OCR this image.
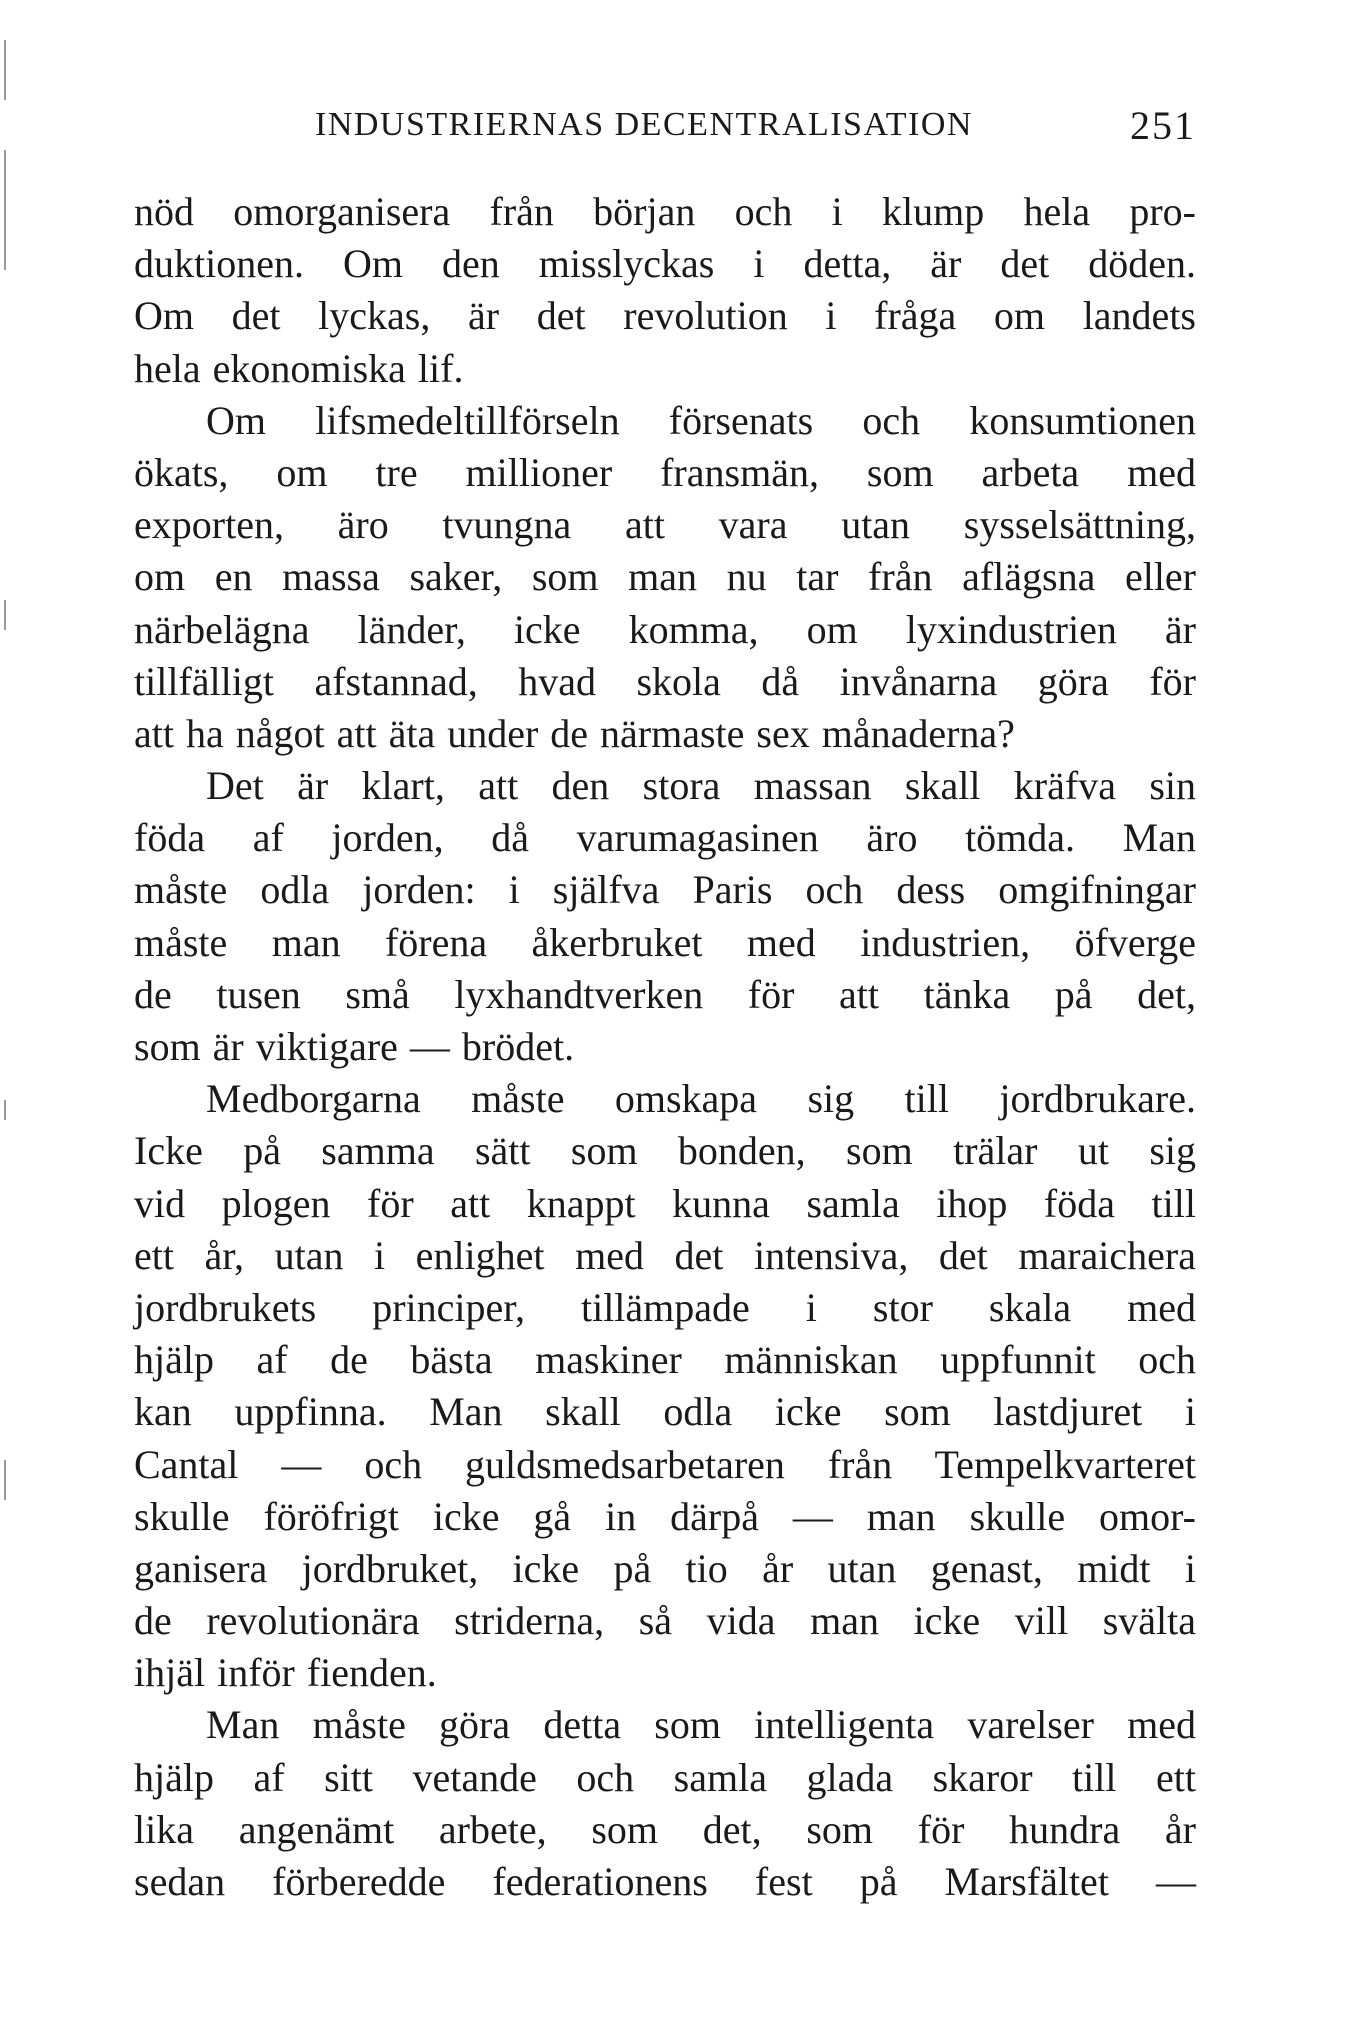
INDUSTRIERNAS DECENTRALISATION	251
nöd omorganisera från början och i klump hela pro-
duktionen. Om den misslyckas i detta, är det döden.
Om det lyckas, är det revolution i fråga om landets
hela ekonomiska lif.
Om lifsmedeltillförseln försenats och konsumtionen
ökats, om tre millioner fransmän, som arbeta med
exporten, äro tvungna att vara utan sysselsättning,
om en massa saker, som man nu tar från aflägsna eller
närbelägna länder, icke komma, om lyxindustrien är
tillfälligt afstannad, hvad skola då invånarna göra för
att ha något att äta under de närmaste sex månaderna?
Det är klart, att den stora massan skall kräfva sin
föda af jorden, då varumagasinen äro tömda. Man
måste odla jorden: i själfva Paris och dess omgifningar
måste man förena åkerbruket med industrien, öfverge
de tusen små lyxhandtverken för att tänka på det,
som är viktigare — brödet.
Medborgarna måste omskapa sig till jordbrukare.
Icke på samma sätt som bonden, som trälar ut sig
vid plogen för att knappt kunna samla ihop föda till
ett år, utan i enlighet med det intensiva, det maraichera
jordbrukets principer, tillämpade i stor skala med
hjälp af de bästa maskiner människan uppfunnit och
kan uppfinna. Man skall odla icke som lastdjuret i
Cantal — och guldsmedsarbetaren från Tempelkvarteret
skulle föröfrigt icke gå in därpå — man skulle omor-
ganisera jordbruket, icke på tio år utan genast, midt i
de revolutionära striderna, så vida man icke vill svälta
ihjäl inför fienden.
Man måste göra detta som intelligenta varelser med
hjälp af sitt vetande och samla glada skaror till ett
lika angenämt arbete, som det, som för hundra år
sedan förberedde federationens fest på Marsfältet —
